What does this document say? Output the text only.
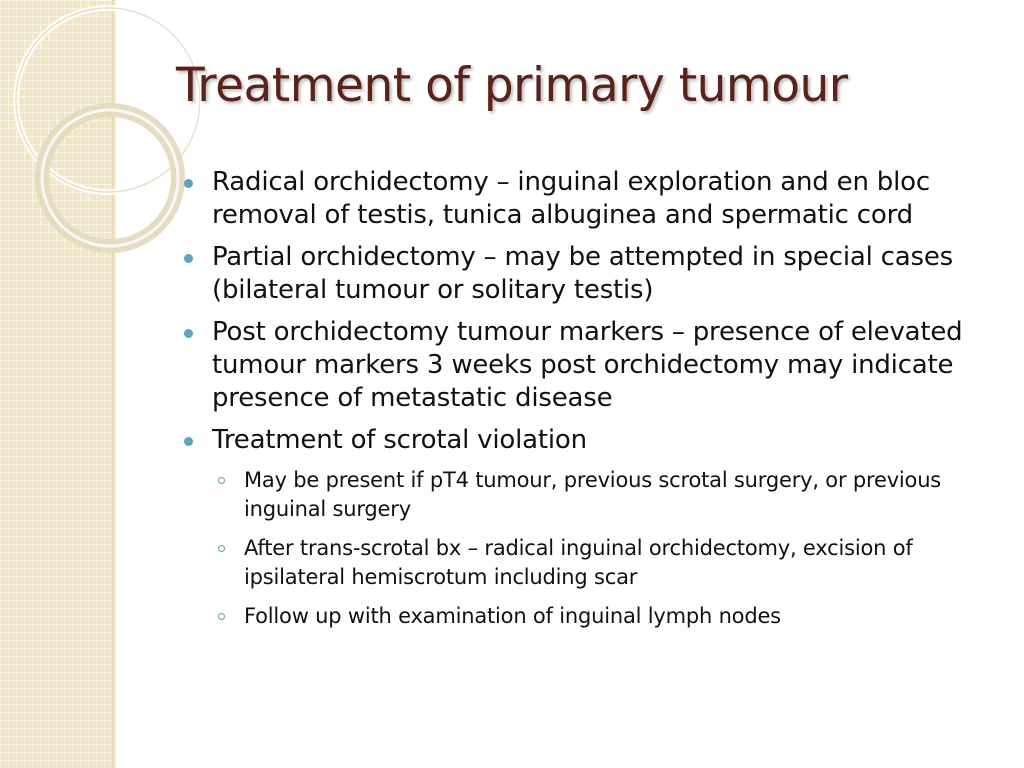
Treatment of primary tumour
Radical orchidectomy – inguinal exploration and en bloc removal of testis, tunica albuginea and spermatic cord
Partial orchidectomy – may be attempted in special cases (bilateral tumour or solitary testis)
Post orchidectomy tumour markers – presence of elevated tumour markers 3 weeks post orchidectomy may indicate presence of metastatic disease
Treatment of scrotal violation
May be present if pT4 tumour, previous scrotal surgery, or previous inguinal surgery
After trans-scrotal bx – radical inguinal orchidectomy, excision of ipsilateral hemiscrotum including scar
Follow up with examination of inguinal lymph nodes
